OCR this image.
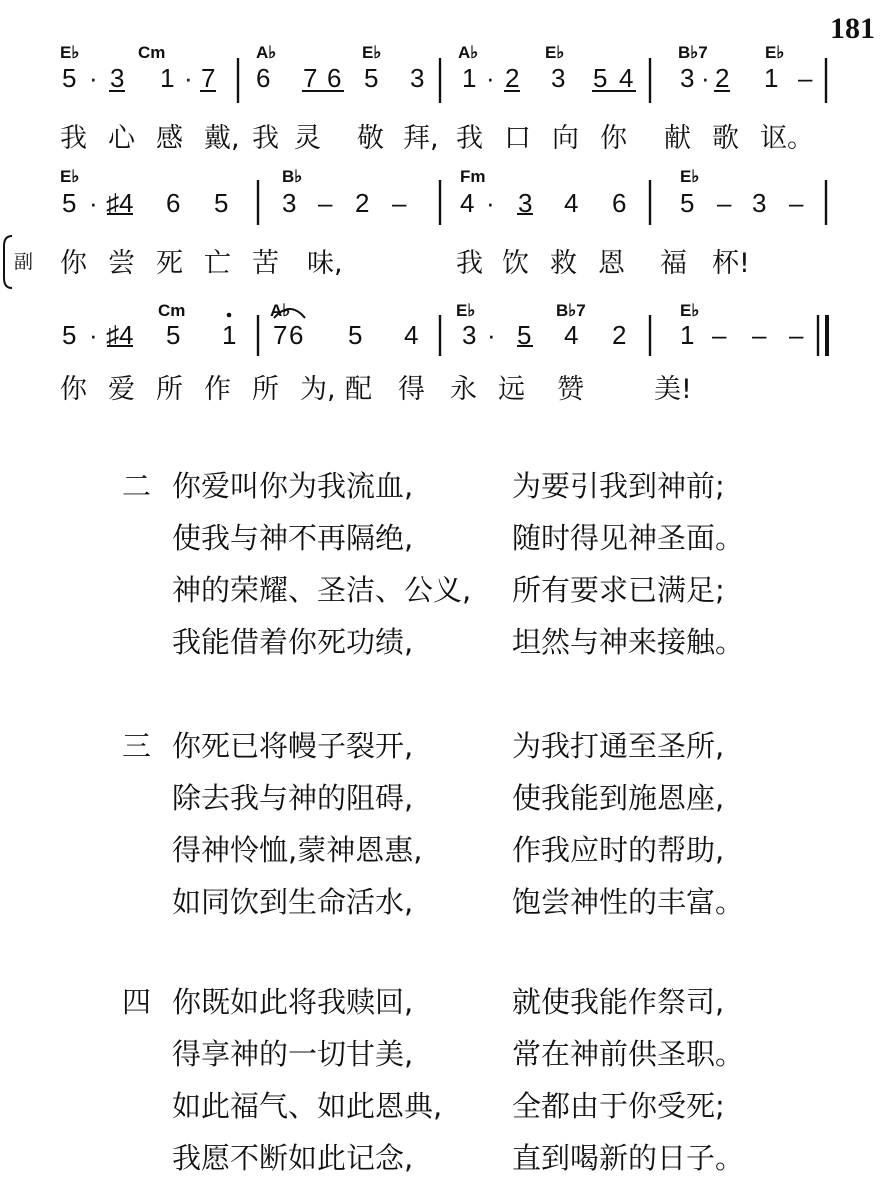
181
E♭	Cm	A♭	E♭	A♭	E♭	B♭7	E♭
5 · 3 1 · 7 6 7 6 5 3 1 · 2 3 5 4 3 · 2 1 –
我 心 感 戴, 我 灵 敬 拜, 我 口 向 你 献 歌 讴。
E♭	B♭	Fm	E♭
5 · ♯4 6 5 3 – 2 – 4 · 3 4 6 5 – 3 –
你 尝 死 亡 苦 味,	我 饮 救 恩 福 杯!
副
Cm	A♭	E♭	B♭7	E♭
5 · ♯4 5 1 7 6 5 4 3 · 5 4 2 1 – – –
你 爱 所 作 所 为, 配 得 永 远 赞	美!
二 你爱叫你为我流血,	为要引我到神前;
使我与神不再隔绝,	随时得见神圣面。
神的荣耀、圣洁、公义, 所有要求已满足;
我能借着你死功绩,	坦然与神来接触。
三 你死已将幔子裂开,	为我打通至圣所,
除去我与神的阻碍,	使我能到施恩座,
得神怜恤,蒙神恩惠,	作我应时的帮助,
如同饮到生命活水,	饱尝神性的丰富。
四 你既如此将我赎回,	就使我能作祭司,
得享神的一切甘美,	常在神前供圣职。
如此福气、如此恩典, 全都由于你受死;
我愿不断如此记念,	直到喝新的日子。
